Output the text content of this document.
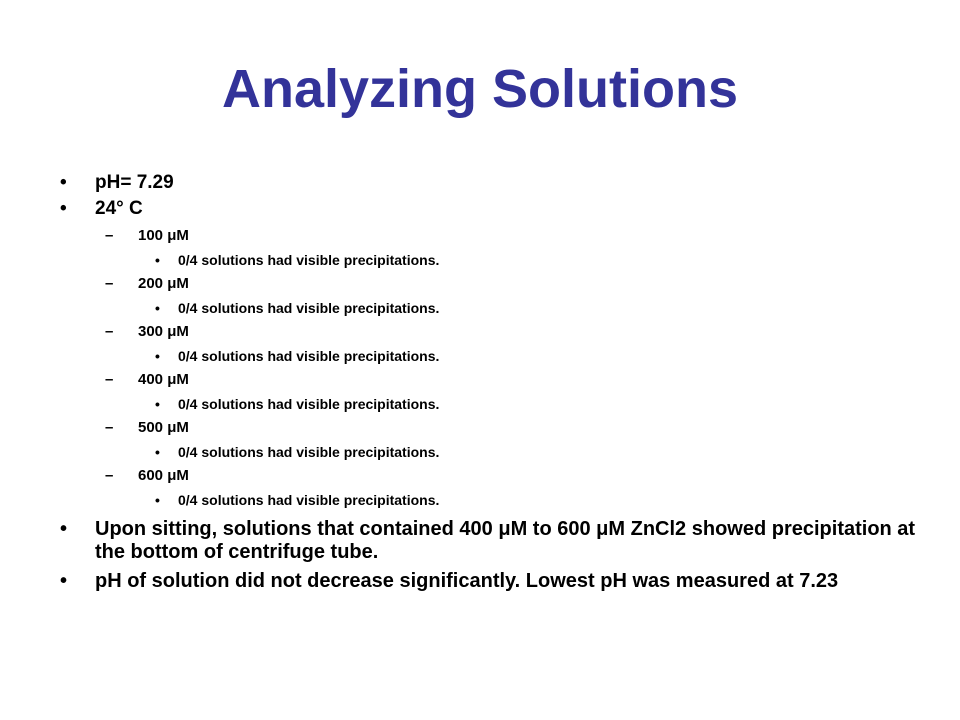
Analyzing Solutions
• pH= 7.29
• 24° C
– 100 μM
• 0/4 solutions had visible precipitations.
– 200 μM
• 0/4 solutions had visible precipitations.
– 300 μM
• 0/4 solutions had visible precipitations.
– 400 μM
• 0/4 solutions had visible precipitations.
– 500 μM
• 0/4 solutions had visible precipitations.
– 600 μM
• 0/4 solutions had visible precipitations.
• Upon sitting, solutions that contained 400 μM to 600 μM ZnCl2 showed precipitation at the bottom of centrifuge tube.
• pH of solution did not decrease significantly. Lowest pH was measured at 7.23
